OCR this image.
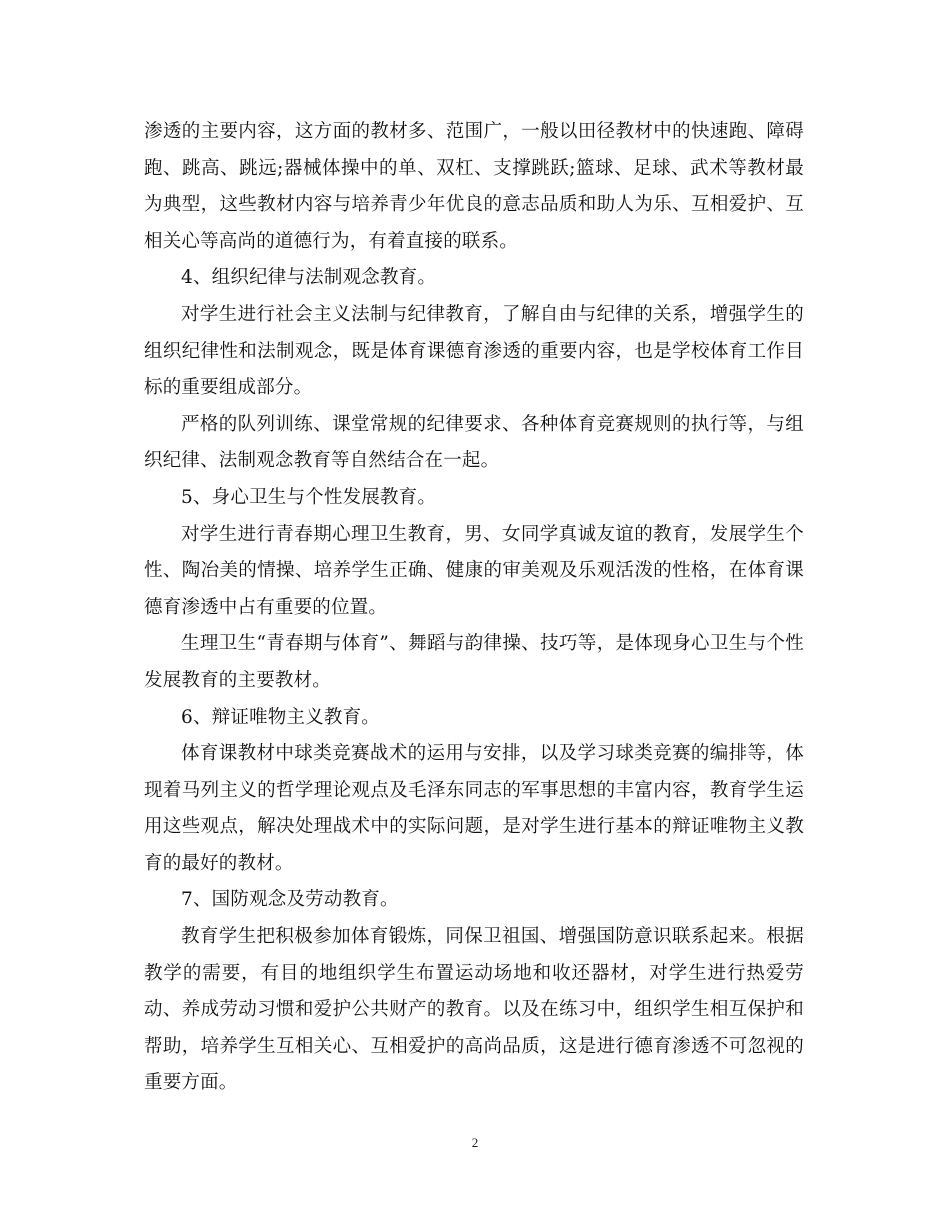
渗透的主要内容，这方面的教材多、范围广，一般以田径教材中的快速跑、障碍跑、跳高、跳远;器械体操中的单、双杠、支撑跳跃;篮球、足球、武术等教材最为典型，这些教材内容与培养青少年优良的意志品质和助人为乐、互相爱护、互相关心等高尚的道德行为，有着直接的联系。

4、组织纪律与法制观念教育。

对学生进行社会主义法制与纪律教育，了解自由与纪律的关系，增强学生的组织纪律性和法制观念，既是体育课德育渗透的重要内容，也是学校体育工作目标的重要组成部分。

严格的队列训练、课堂常规的纪律要求、各种体育竞赛规则的执行等，与组织纪律、法制观念教育等自然结合在一起。

5、身心卫生与个性发展教育。

对学生进行青春期心理卫生教育，男、女同学真诚友谊的教育，发展学生个性、陶冶美的情操、培养学生正确、健康的审美观及乐观活泼的性格，在体育课德育渗透中占有重要的位置。

生理卫生“青春期与体育”、舞蹈与韵律操、技巧等，是体现身心卫生与个性发展教育的主要教材。

6、辩证唯物主义教育。

体育课教材中球类竞赛战术的运用与安排，以及学习球类竞赛的编排等，体现着马列主义的哲学理论观点及毛泽东同志的军事思想的丰富内容，教育学生运用这些观点，解决处理战术中的实际问题，是对学生进行基本的辩证唯物主义教育的最好的教材。

7、国防观念及劳动教育。

教育学生把积极参加体育锻炼，同保卫祖国、增强国防意识联系起来。根据教学的需要，有目的地组织学生布置运动场地和收还器材，对学生进行热爱劳动、养成劳动习惯和爱护公共财产的教育。以及在练习中，组织学生相互保护和帮助，培养学生互相关心、互相爱护的高尚品质，这是进行德育渗透不可忽视的重要方面。

2
